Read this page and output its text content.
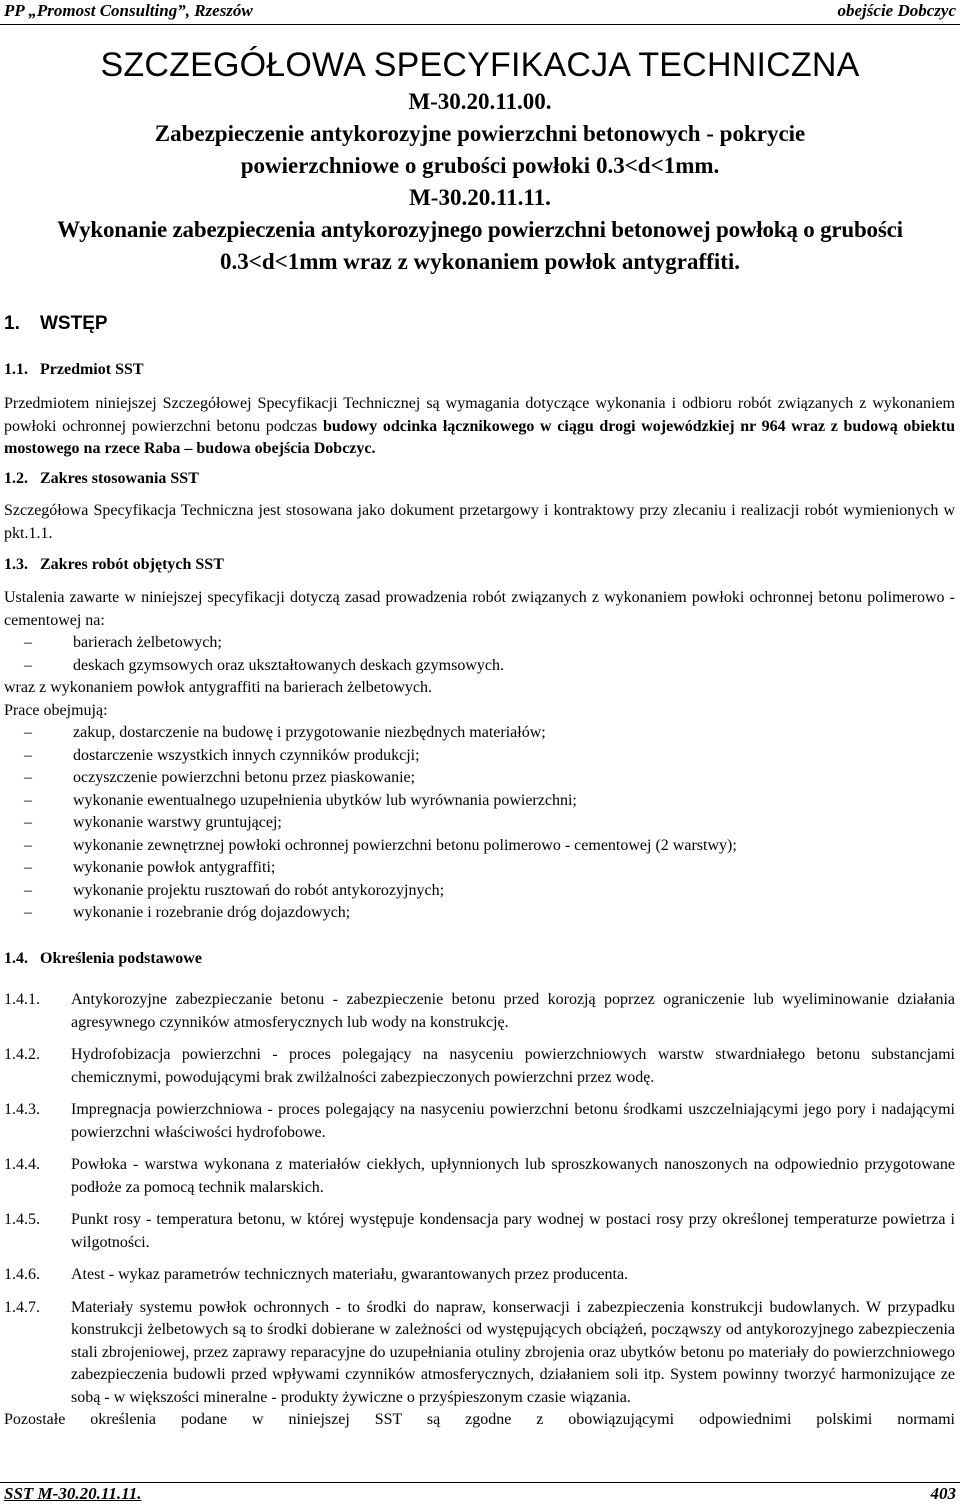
PP „Promost Consulting”, Rzeszów	obejście Dobczyc
SZCZEGÓŁOWA SPECYFIKACJA TECHNICZNA
M-30.20.11.00.
Zabezpieczenie antykorozyjne powierzchni betonowych - pokrycie
powierzchniowe o grubości powłoki 0.3<d<1mm.
M-30.20.11.11.
Wykonanie zabezpieczenia antykorozyjnego powierzchni betonowej powłoką o grubości
0.3<d<1mm wraz z wykonaniem powłok antygraffiti.
1. WSTĘP
1.1. Przedmiot SST
Przedmiotem niniejszej Szczegółowej Specyfikacji Technicznej są wymagania dotyczące wykonania i odbioru robót związanych z wykonaniem powłoki ochronnej powierzchni betonu podczas budowy odcinka łącznikowego w ciągu drogi wojewódzkiej nr 964 wraz z budową obiektu mostowego na rzece Raba – budowa obejścia Dobczyc.
1.2. Zakres stosowania SST
Szczegółowa Specyfikacja Techniczna jest stosowana jako dokument przetargowy i kontraktowy przy zlecaniu i realizacji robót wymienionych w pkt.1.1.
1.3. Zakres robót objętych SST
Ustalenia zawarte w niniejszej specyfikacji dotyczą zasad prowadzenia robót związanych z wykonaniem powłoki ochronnej betonu polimerowo - cementowej na:
– barierach żelbetowych;
– deskach gzymsowych oraz ukształtowanych deskach gzymsowych.
wraz z wykonaniem powłok antygraffiti na barierach żelbetowych.
Prace obejmują:
– zakup, dostarczenie na budowę i przygotowanie niezbędnych materiałów;
– dostarczenie wszystkich innych czynników produkcji;
– oczyszczenie powierzchni betonu przez piaskowanie;
– wykonanie ewentualnego uzupełnienia ubytków lub wyrównania powierzchni;
– wykonanie warstwy gruntującej;
– wykonanie zewnętrznej powłoki ochronnej powierzchni betonu polimerowo - cementowej (2 warstwy);
– wykonanie powłok antygraffiti;
– wykonanie projektu rusztowań do robót antykorozyjnych;
– wykonanie i rozebranie dróg dojazdowych;
1.4. Określenia podstawowe
1.4.1.	Antykorozyjne zabezpieczanie betonu - zabezpieczenie betonu przed korozją poprzez ograniczenie lub wyeliminowanie działania agresywnego czynników atmosferycznych lub wody na konstrukcję.
1.4.2.	Hydrofobizacja powierzchni - proces polegający na nasyceniu powierzchniowych warstw stwardniałego betonu substancjami chemicznymi, powodującymi brak zwilżalności zabezpieczonych powierzchni przez wodę.
1.4.3.	Impregnacja powierzchniowa - proces polegający na nasyceniu powierzchni betonu środkami uszczelniającymi jego pory i nadającymi powierzchni właściwości hydrofobowe.
1.4.4.	Powłoka - warstwa wykonana z materiałów ciekłych, upłynnionych lub sproszkowanych nanoszonych na odpowiednio przygotowane podłoże za pomocą technik malarskich.
1.4.5.	Punkt rosy - temperatura betonu, w której występuje kondensacja pary wodnej w postaci rosy przy określonej temperaturze powietrza i wilgotności.
1.4.6.	Atest - wykaz parametrów technicznych materiału, gwarantowanych przez producenta.
1.4.7.	Materiały systemu powłok ochronnych - to środki do napraw, konserwacji i zabezpieczenia konstrukcji budowlanych. W przypadku konstrukcji żelbetowych są to środki dobierane w zależności od występujących obciążeń, począwszy od antykorozyjnego zabezpieczenia stali zbrojeniowej, przez zaprawy reparacyjne do uzupełniania otuliny zbrojenia oraz ubytków betonu po materiały do powierzchniowego zabezpieczenia budowli przed wpływami czynników atmosferycznych, działaniem soli itp. System powinny tworzyć harmonizujące ze sobą - w większości mineralne - produkty żywiczne o przyśpieszonym czasie wiązania.
Pozostałe określenia podane w niniejszej SST są zgodne z obowiązującymi odpowiednimi polskimi normami
SST M-30.20.11.11.	403
